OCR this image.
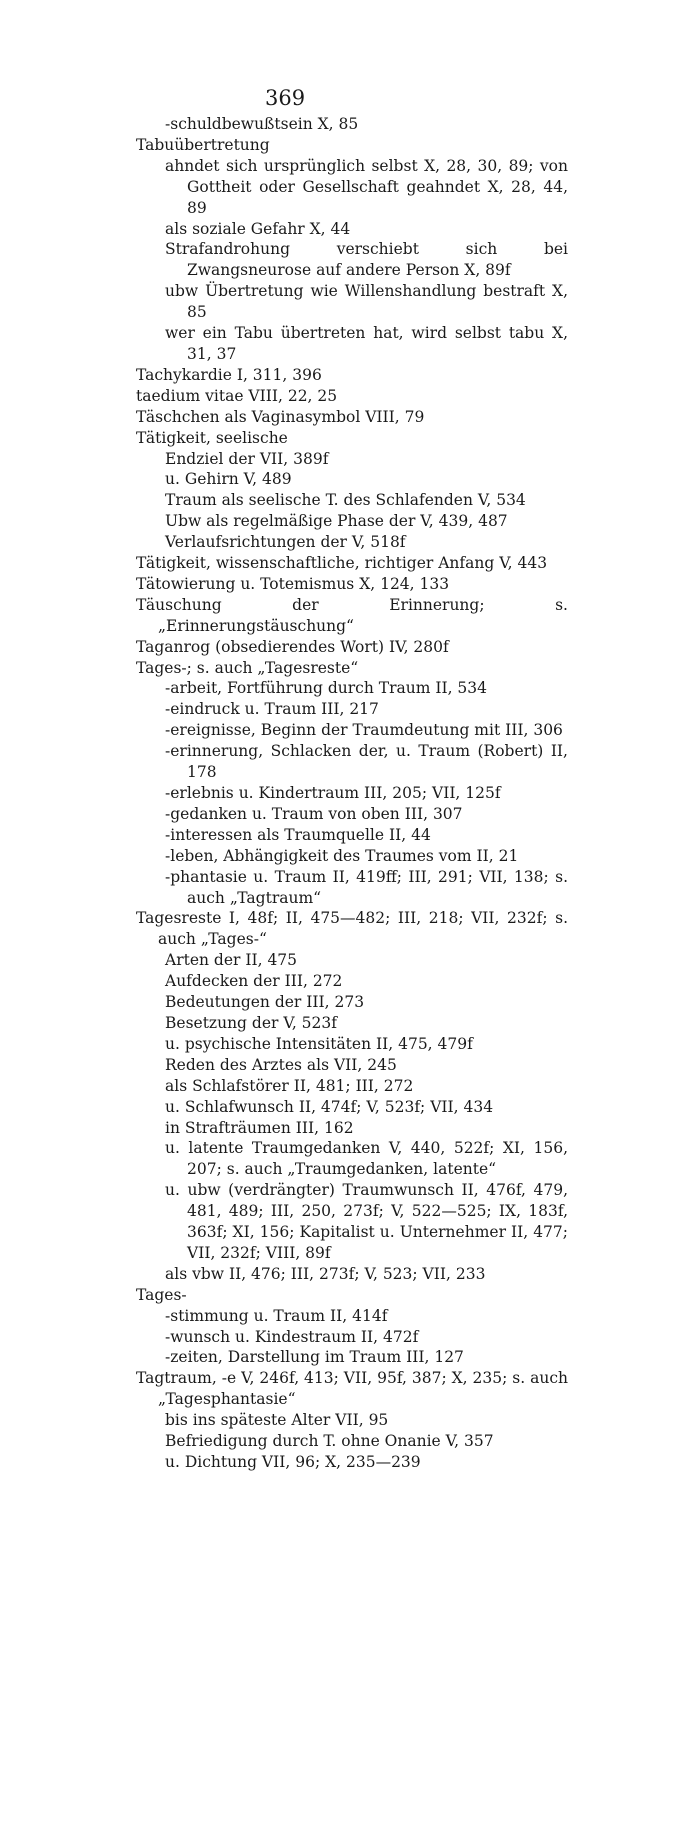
369
-schuldbewußtsein X, 85
Tabuübertretung
ahndet sich ursprünglich selbst X, 28, 30, 89; von Gottheit oder Gesellschaft geahndet X, 28, 44, 89
als soziale Gefahr X, 44
Strafandrohung verschiebt sich bei Zwangsneurose auf andere Person X, 89f
ubw Übertretung wie Willenshandlung bestraft X, 85
wer ein Tabu übertreten hat, wird selbst tabu X, 31, 37
Tachykardie I, 311, 396
taedium vitae VIII, 22, 25
Täschchen als Vaginasymbol VIII, 79
Tätigkeit, seelische
Endziel der VII, 389f
u. Gehirn V, 489
Traum als seelische T. des Schlafenden V, 534
Ubw als regelmäßige Phase der V, 439, 487
Verlaufsrichtungen der V, 518f
Tätigkeit, wissenschaftliche, richtiger Anfang V, 443
Tätowierung u. Totemismus X, 124, 133
Täuschung der Erinnerung; s. „Erinnerungstäuschung“
Taganrog (obsedierendes Wort) IV, 280f
Tages-; s. auch „Tagesreste“
-arbeit, Fortführung durch Traum II, 534
-eindruck u. Traum III, 217
-ereignisse, Beginn der Traumdeutung mit III, 306
-erinnerung, Schlacken der, u. Traum (Robert) II, 178
-erlebnis u. Kindertraum III, 205; VII, 125f
-gedanken u. Traum von oben III, 307
-interessen als Traumquelle II, 44
-leben, Abhängigkeit des Traumes vom II, 21
-phantasie u. Traum II, 419ff; III, 291; VII, 138; s. auch „Tagtraum“
Tagesreste I, 48f; II, 475—482; III, 218; VII, 232f; s. auch „Tages-“
Arten der II, 475
Aufdecken der III, 272
Bedeutungen der III, 273
Besetzung der V, 523f
u. psychische Intensitäten II, 475, 479f
Reden des Arztes als VII, 245
als Schlafstörer II, 481; III, 272
u. Schlafwunsch II, 474f; V, 523f; VII, 434
in Strafträumen III, 162
u. latente Traumgedanken V, 440, 522f; XI, 156, 207; s. auch „Traumgedanken, latente“
u. ubw (verdrängter) Traumwunsch II, 476f, 479, 481, 489; III, 250, 273f; V, 522—525; IX, 183f, 363f; XI, 156; Kapitalist u. Unternehmer II, 477; VII, 232f; VIII, 89f
als vbw II, 476; III, 273f; V, 523; VII, 233
Tages-
-stimmung u. Traum II, 414f
-wunsch u. Kindestraum II, 472f
-zeiten, Darstellung im Traum III, 127
Tagtraum, -e V, 246f, 413; VII, 95f, 387; X, 235; s. auch „Tagesphantasie“
bis ins späteste Alter VII, 95
Befriedigung durch T. ohne Onanie V, 357
u. Dichtung VII, 96; X, 235—239
